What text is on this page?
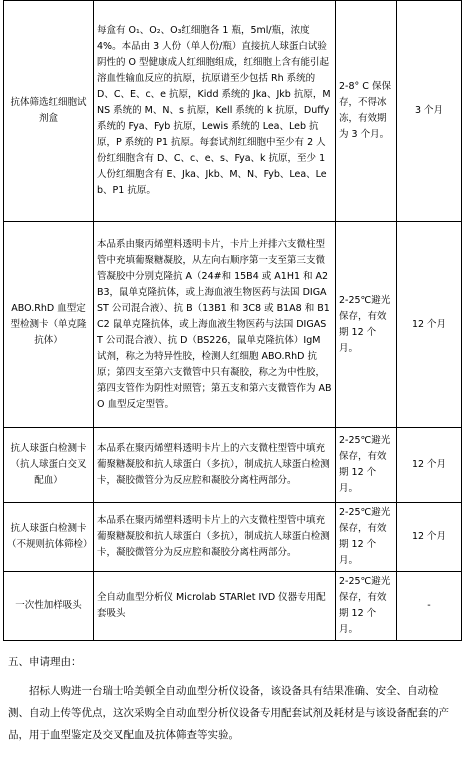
抗体筛选红细胞试剂盒	每盒有 O₁、O₂、O₃红细胞各 1 瓶，5ml/瓶，浓度 4%。本品由 3 人份（单人份/瓶）直接抗人球蛋白试验阴性的 O 型健康成人红细胞组成，红细胞上含有能引起溶血性输血反应的抗原，抗原谱至少包括 Rh 系统的 D、C、E、c、e 抗原，Kidd 系统的 Jka、Jkb 抗原，MNS 系统的 M、N、s 抗原，Kell 系统的 k 抗原，Duffy 系统的 Fya、Fyb 抗原，Lewis 系统的 Lea、Leb 抗原，P 系统的 P1 抗原。每套试剂红细胞中至少有 2 人份红细胞含有 D、C、c、e、s、Fya、k 抗原，至少 1 人份红细胞含有 E、Jka、Jkb、M、N、Fyb、Lea、Leb、P1 抗原。	2-8° C 保保存，不得冰冻，有效期为 3 个月。	3 个月
ABO.RhD 血型定型检测卡（单克隆抗体）	本品系由聚丙烯塑料透明卡片，卡片上并排六支微柱型管中充填葡聚糖凝胶，从左向右顺序第一支至第三支微管凝胶中分别克隆抗 A（24#和 15B4 或 A1H1 和 A2B3，鼠单克隆抗体，或上海血液生物医药与法国 DIGAST 公司混合液）、抗 B（13B1 和 3C8 或 B1A8 和 B1C2 鼠单克隆抗体，或上海血液生物医药与法国 DIGAST 公司混合液）、抗 D（BS226，鼠单克隆抗体）IgM 试剂，称之为特异性胶，检测人红细胞 ABO.RhD 抗原；第四支至第六支微管中只有凝胶，称之为中性胶，第四支管作为阴性对照管；第五支和第六支微管作为 ABO 血型反定型管。	2-25℃避光保存，有效期 12 个月。	12 个月
抗人球蛋白检测卡（抗人球蛋白交叉配血）	本品系在聚丙烯塑料透明卡片上的六支微柱型管中填充葡聚糖凝胶和抗人球蛋白（多抗），制成抗人球蛋白检测卡，凝胶微管分为反应腔和凝胶分离柱两部分。	2-25℃避光保存，有效期 12 个月。	12 个月
抗人球蛋白检测卡（不规则抗体筛检）	本品系在聚丙烯塑料透明卡片上的六支微柱型管中填充葡聚糖凝胶和抗人球蛋白（多抗），制成抗人球蛋白检测卡，凝胶微管分为反应腔和凝胶分离柱两部分。	2-25℃避光保存，有效期 12 个月。	12 个月
一次性加样吸头	全自动血型分析仪 Microlab STARlet IVD 仪器专用配套吸头	2-25℃避光保存，有效期 12 个月。	-
五、申请理由：
招标人购进一台瑞士哈美顿全自动血型分析仪设备，该设备具有结果准确、安全、自动检测、自动上传等优点，这次采购全自动血型分析仪设备专用配套试剂及耗材是与该设备配套的产品，用于血型鉴定及交叉配血及抗体筛查等实验。
